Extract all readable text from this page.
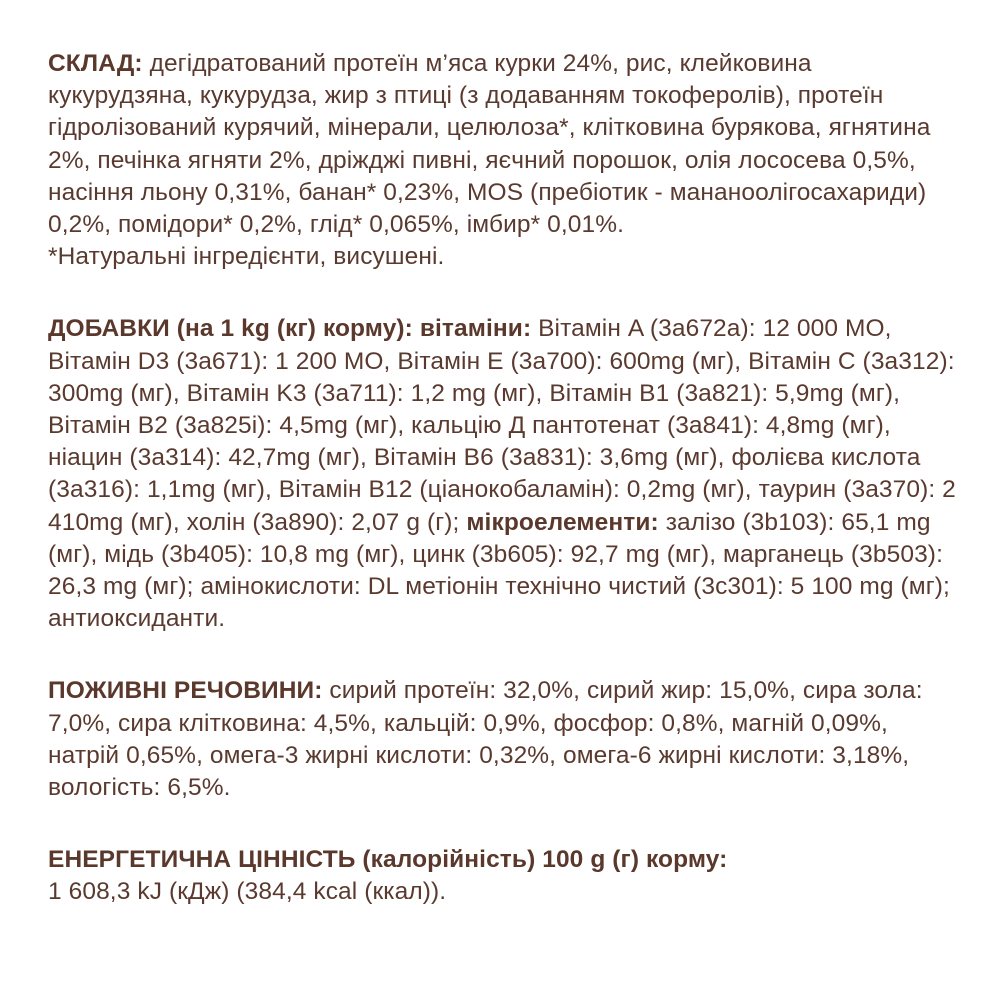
СКЛАД: дегідратований протеїн м’яса курки 24%, рис, клейковина кукурудзяна, кукурудза, жир з птиці (з додаванням токоферолів), протеїн гідролізований курячий, мінерали, целюлоза*, клітковина бурякова, ягнятина 2%, печінка ягняти 2%, дріжджі пивні, яєчний порошок, олія лососева 0,5%, насіння льону 0,31%, банан* 0,23%, MOS (пребіотик - мананоолігосахариди) 0,2%, помідори* 0,2%, глід* 0,065%, імбир* 0,01%.
*Натуральні інгредієнти, висушені.

ДОБАВКИ (на 1 kg (кг) корму): вітаміни: Вітамін A (3a672a): 12 000 МО, Вітамін D3 (3a671): 1 200 МО, Вітамін E (3a700): 600mg (мг), Вітамін C (3a312): 300mg (мг), Вітамін K3 (3a711): 1,2 mg (мг), Вітамін B1 (3a821): 5,9mg (мг), Вітамін B2 (3a825i): 4,5mg (мг), кальцію Д пантотенат (3a841): 4,8mg (мг), ніацин (3a314): 42,7mg (мг), Вітамін B6 (3a831): 3,6mg (мг), фолієва кислота (3a316): 1,1mg (мг), Вітамін B12 (ціанокобаламін): 0,2mg (мг), таурин (3a370): 2 410mg (мг), холін (3a890): 2,07 g (г); мікроелементи: залізо (3b103): 65,1 mg (мг), мідь (3b405): 10,8 mg (мг), цинк (3b605): 92,7 mg (мг), марганець (3b503): 26,3 mg (мг); амінокислоти: DL метіонін технічно чистий (3c301): 5 100 mg (мг); антиоксиданти.

ПОЖИВНІ РЕЧОВИНИ: сирий протеїн: 32,0%, сирий жир: 15,0%, сира зола: 7,0%, сира клітковина: 4,5%, кальцій: 0,9%, фосфор: 0,8%, магній 0,09%, натрій 0,65%, омега-3 жирні кислоти: 0,32%, омега-6 жирні кислоти: 3,18%, вологість: 6,5%.

ЕНЕРГЕТИЧНА ЦІННІСТЬ (калорійність) 100 g (г) корму:
1 608,3 kJ (кДж) (384,4 kcal (ккал)).
